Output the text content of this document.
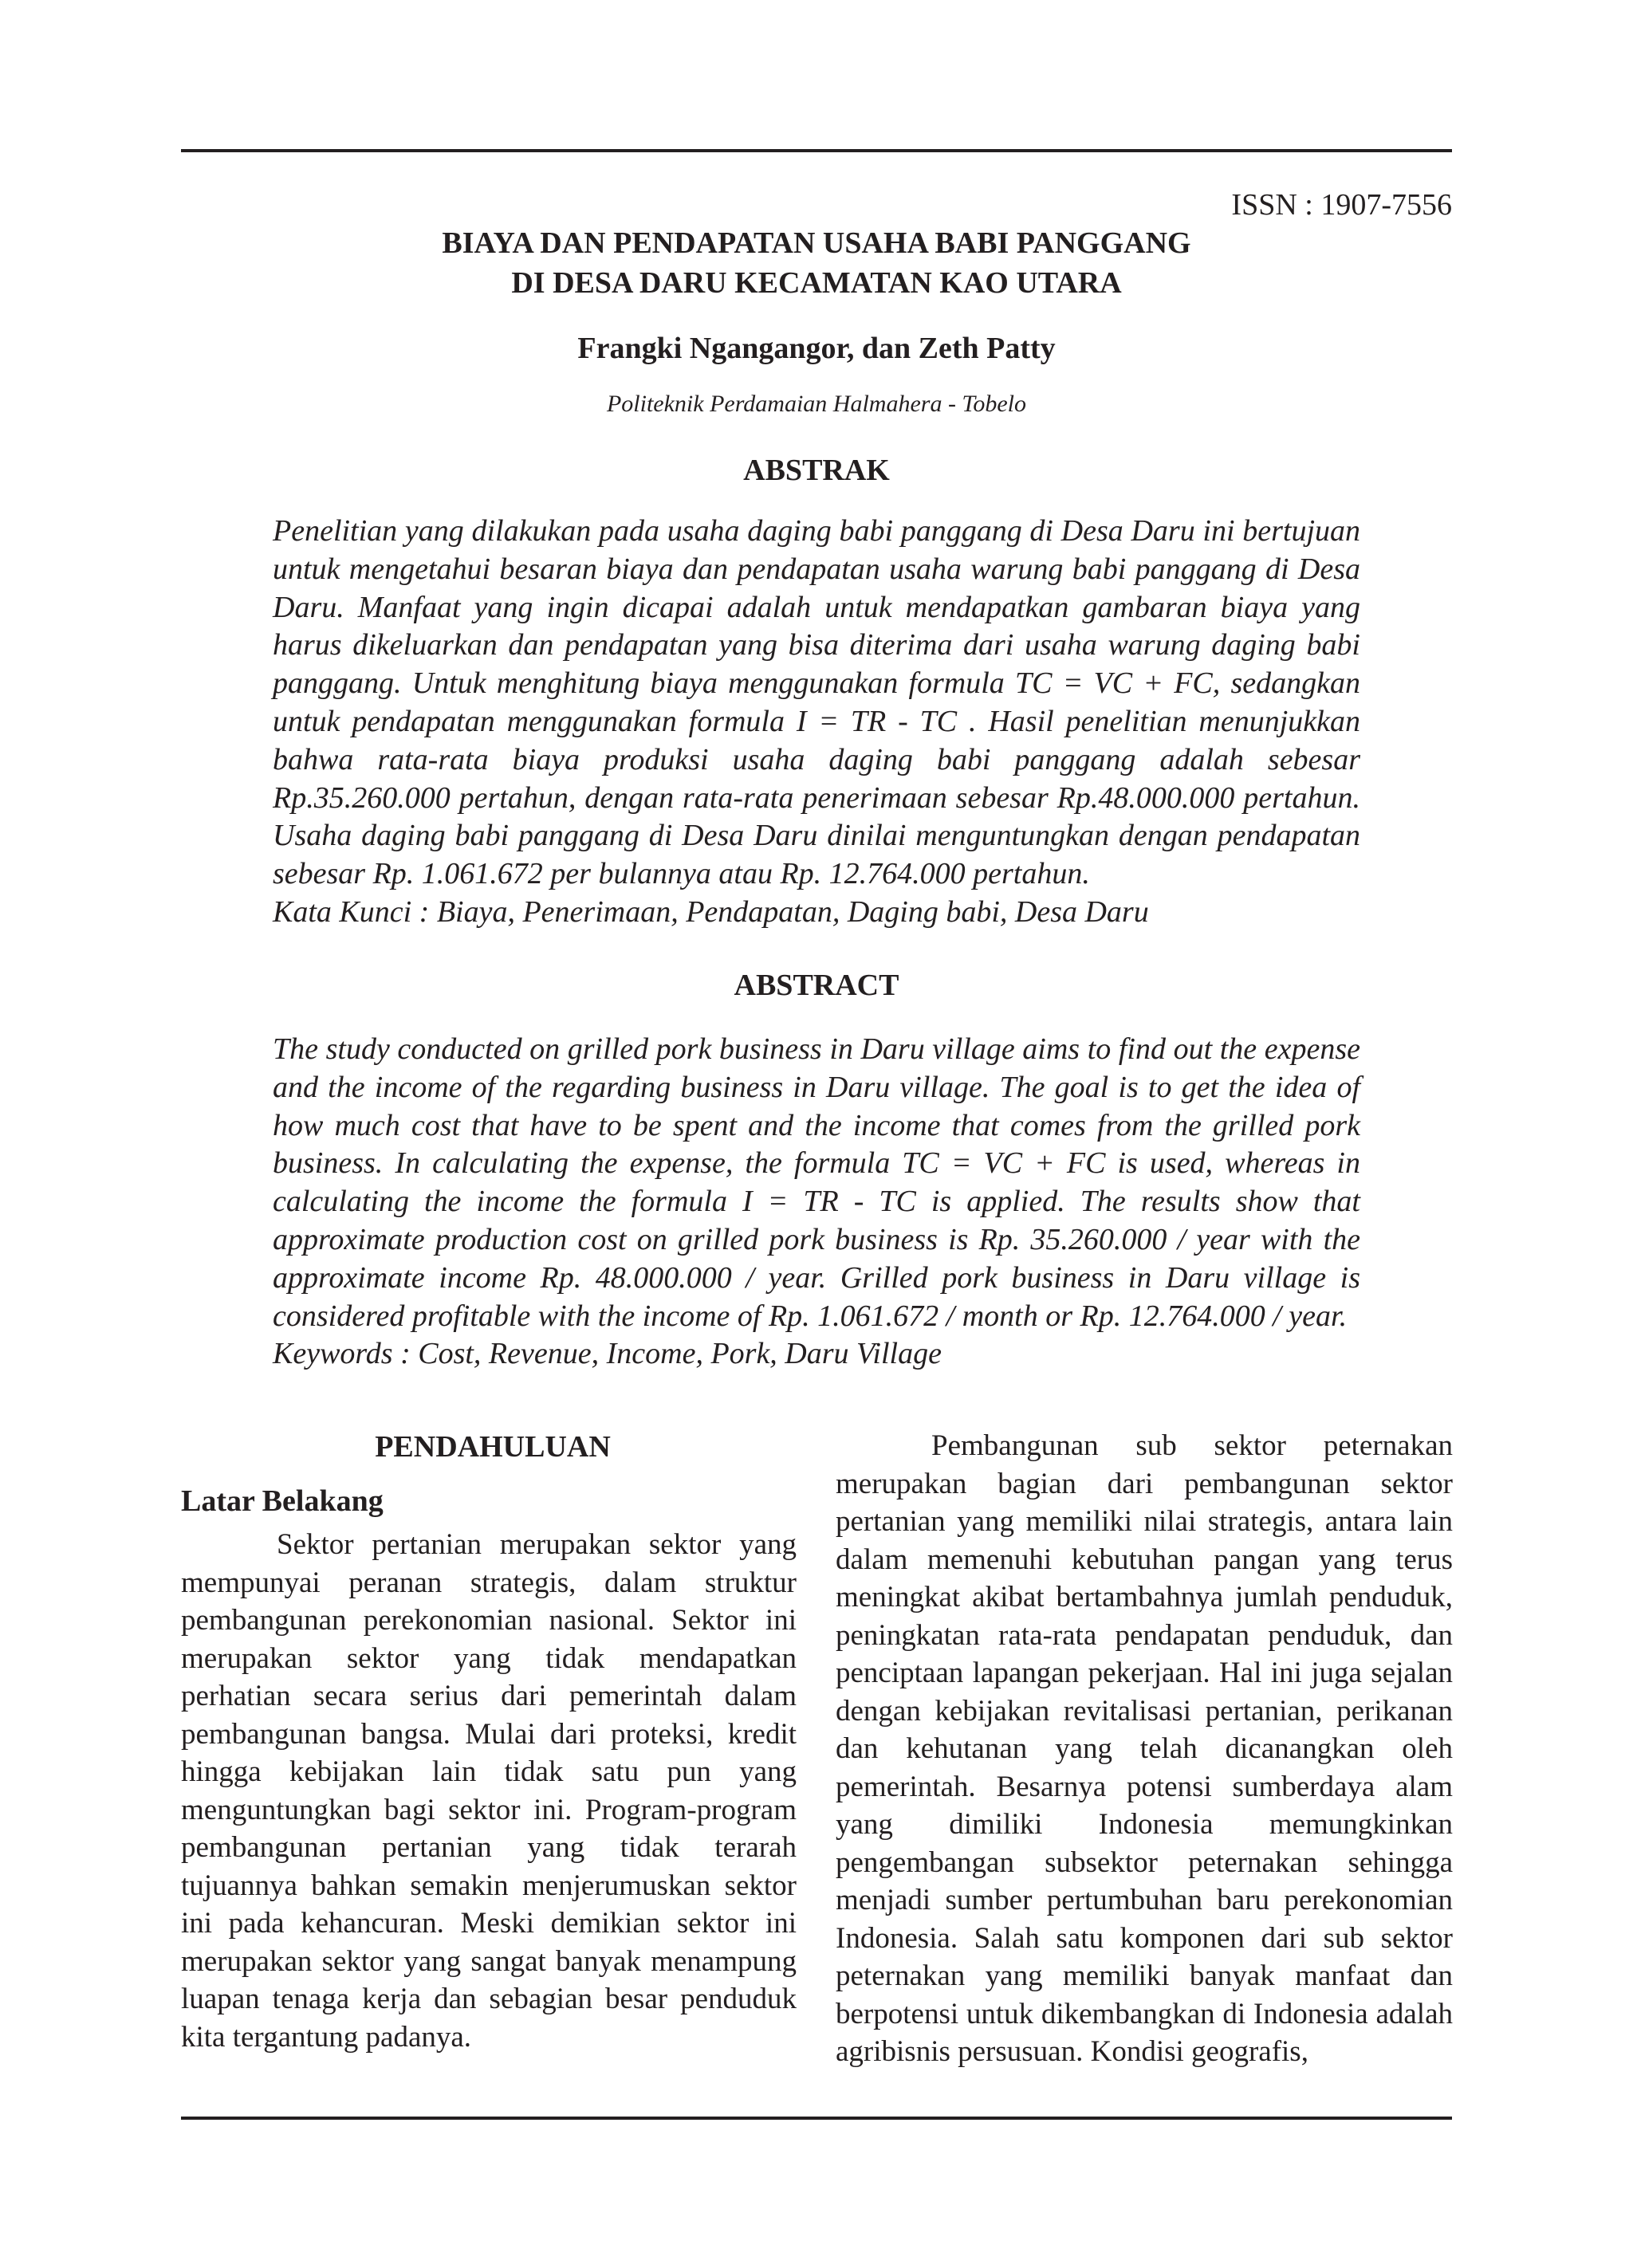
ISSN : 1907-7556
BIAYA DAN PENDAPATAN USAHA BABI PANGGANG
DI DESA DARU KECAMATAN KAO UTARA
Frangki Ngangangor, dan Zeth Patty
Politeknik Perdamaian Halmahera - Tobelo
ABSTRAK

Penelitian yang dilakukan pada usaha daging babi panggang di Desa Daru ini bertujuan untuk mengetahui besaran biaya dan pendapatan usaha warung babi panggang di Desa Daru. Manfaat yang ingin dicapai adalah untuk mendapatkan gambaran biaya yang harus dikeluarkan dan pendapatan yang bisa diterima dari usaha warung daging babi panggang. Untuk menghitung biaya menggunakan formula TC = VC + FC, sedangkan untuk pendapatan menggunakan formula I = TR - TC . Hasil penelitian menunjukkan bahwa rata-rata biaya produksi usaha daging babi panggang adalah sebesar Rp.35.260.000 pertahun, dengan rata-rata penerimaan sebesar Rp.48.000.000 pertahun. Usaha daging babi panggang di Desa Daru dinilai menguntungkan dengan pendapatan sebesar Rp. 1.061.672 per bulannya atau Rp. 12.764.000 pertahun.
Kata Kunci : Biaya, Penerimaan, Pendapatan, Daging babi, Desa Daru

ABSTRACT

The study conducted on grilled pork business in Daru village aims to find out the expense and the income of the regarding business in Daru village. The goal is to get the idea of how much cost that have to be spent and the income that comes from the grilled pork business. In calculating the expense, the formula TC = VC + FC is used, whereas in calculating the income the formula I = TR - TC is applied. The results show that approximate production cost on grilled pork business is Rp. 35.260.000 / year with the approximate income Rp. 48.000.000 / year. Grilled pork business in Daru village is considered profitable with the income of Rp. 1.061.672 / month or Rp. 12.764.000 / year.
Keywords : Cost, Revenue, Income, Pork, Daru Village

PENDAHULUAN
Latar Belakang

Sektor pertanian merupakan sektor yang mempunyai peranan strategis, dalam struktur pembangunan perekonomian nasional. Sektor ini merupakan sektor yang tidak mendapatkan perhatian secara serius dari pemerintah dalam pembangunan bangsa. Mulai dari proteksi, kredit hingga kebijakan lain tidak satu pun yang menguntungkan bagi sektor ini. Program-program pembangunan pertanian yang tidak terarah tujuannya bahkan semakin menjerumuskan sektor ini pada kehancuran. Meski demikian sektor ini merupakan sektor yang sangat banyak menampung luapan tenaga kerja dan sebagian besar penduduk kita tergantung padanya.

Pembangunan sub sektor peternakan merupakan bagian dari pembangunan sektor pertanian yang memiliki nilai strategis, antara lain dalam memenuhi kebutuhan pangan yang terus meningkat akibat bertambahnya jumlah penduduk, peningkatan rata-rata pendapatan penduduk, dan penciptaan lapangan pekerjaan. Hal ini juga sejalan dengan kebijakan revitalisasi pertanian, perikanan dan kehutanan yang telah dicanangkan oleh pemerintah. Besarnya potensi sumberdaya alam yang dimiliki Indonesia memungkinkan pengembangan subsektor peternakan sehingga menjadi sumber pertumbuhan baru perekonomian Indonesia. Salah satu komponen dari sub sektor peternakan yang memiliki banyak manfaat dan berpotensi untuk dikembangkan di Indonesia adalah agribisnis persusuan. Kondisi geografis,
